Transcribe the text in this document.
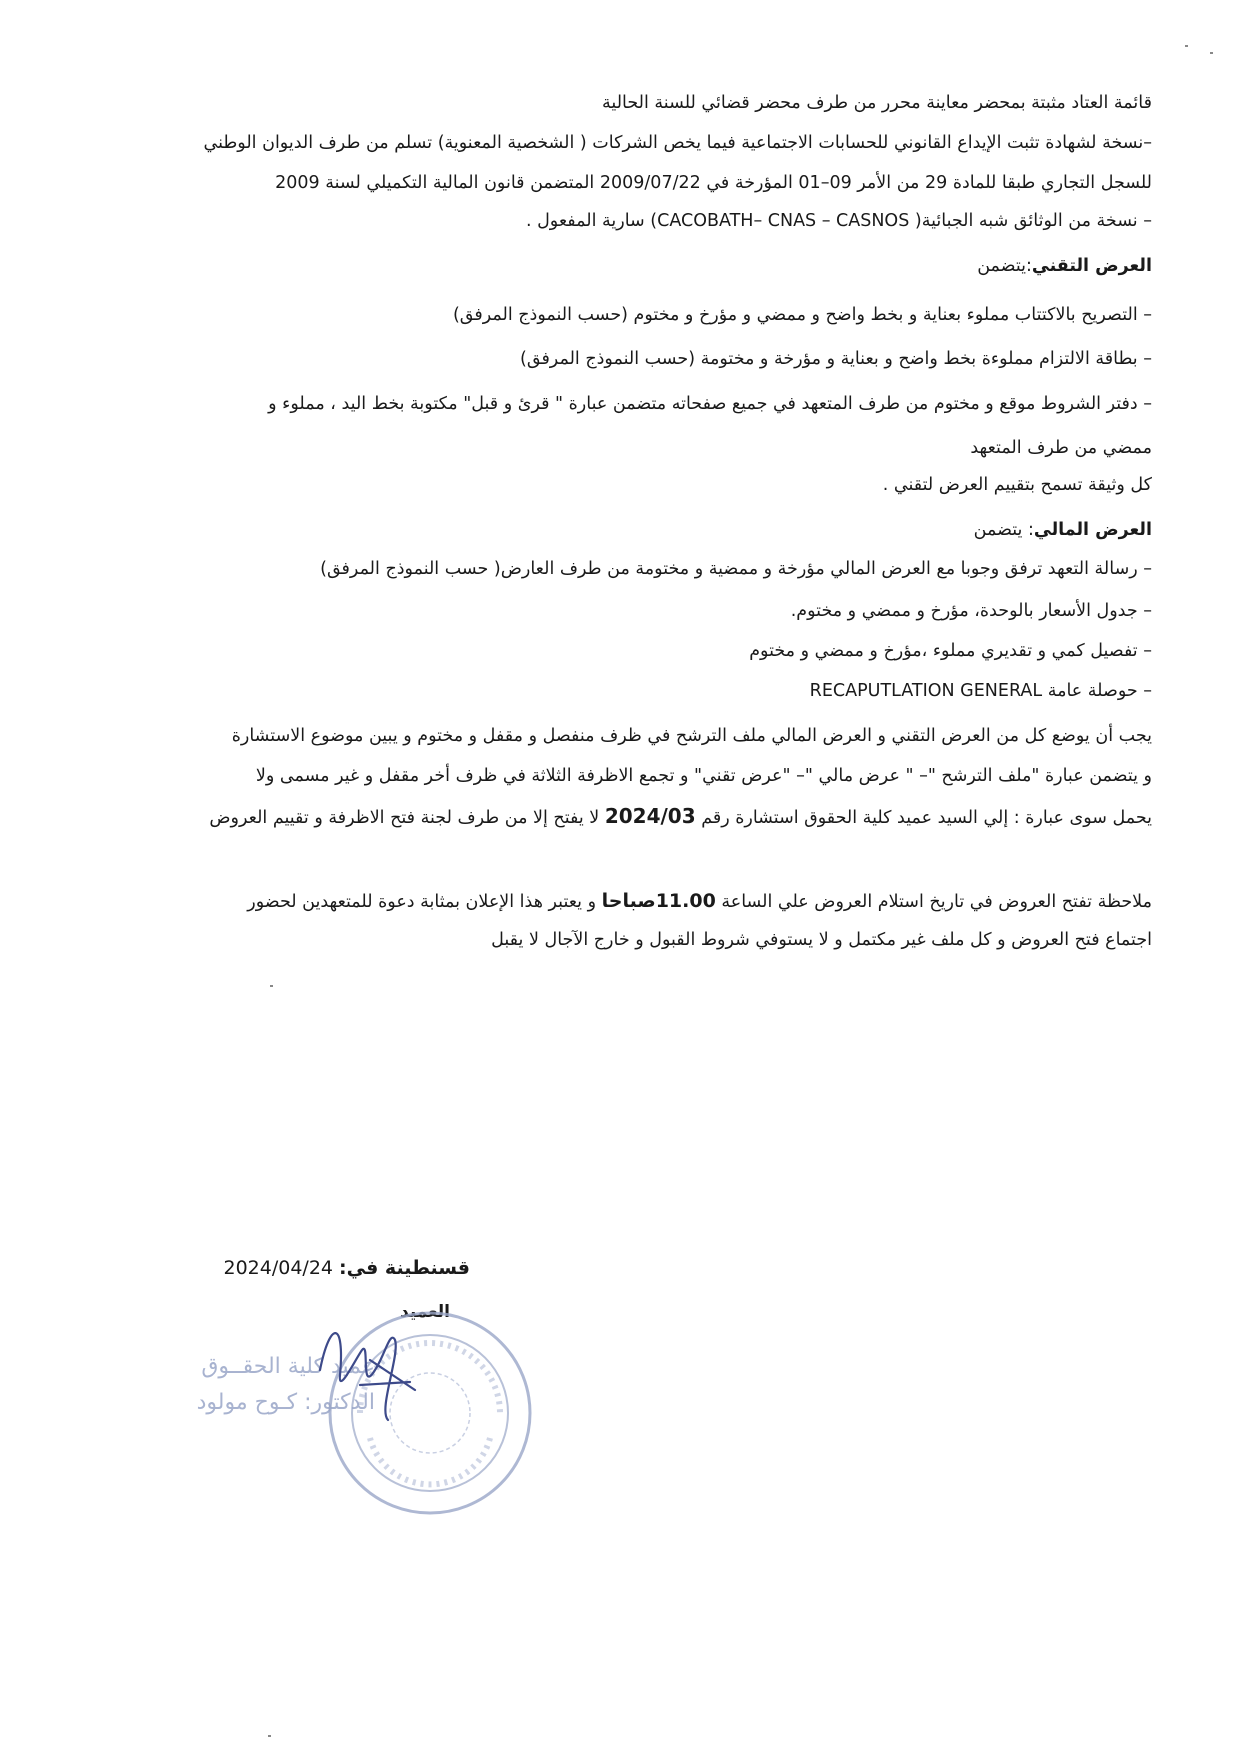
قائمة العتاد مثبتة بمحضر معاينة محرر من طرف محضر قضائي للسنة الحالية
–نسخة لشهادة تثبت الإيداع القانوني للحسابات الاجتماعية فيما يخص الشركات ( الشخصية المعنوية) تسلم من طرف الديوان الوطني
للسجل التجاري طبقا للمادة 29 من الأمر 09–01 المؤرخة في 2009/07/22 المتضمن قانون المالية التكميلي لسنة 2009
– نسخة من الوثائق شبه الجبائية( CACOBATH– CNAS – CASNOS) سارية المفعول .
العرض التقني:يتضمن
– التصريح بالاكتتاب مملوء بعناية و بخط واضح و ممضي و مؤرخ و مختوم (حسب النموذج المرفق)
– بطاقة الالتزام مملوءة بخط واضح و بعناية و مؤرخة و مختومة (حسب النموذج المرفق)
– دفتر الشروط موقع و مختوم من طرف المتعهد في جميع صفحاته متضمن عبارة " قرئ و قبل" مكتوبة بخط اليد ، مملوء و
ممضي من طرف المتعهد
كل وثيقة تسمح بتقييم العرض لتقني .
العرض المالي: يتضمن
– رسالة التعهد ترفق وجوبا مع العرض المالي مؤرخة و ممضية و مختومة من طرف العارض( حسب النموذج المرفق)
– جدول الأسعار بالوحدة، مؤرخ و ممضي و مختوم.
– تفصيل كمي و تقديري مملوء ،مؤرخ و ممضي و مختوم
– حوصلة عامة RECAPUTLATION GENERAL
يجب أن يوضع كل من العرض التقني و العرض المالي ملف الترشح في ظرف منفصل و مقفل و مختوم و يبين موضوع الاستشارة
و يتضمن عبارة "ملف الترشح "– " عرض مالي "– "عرض تقني" و تجمع الاظرفة الثلاثة في ظرف أخر مقفل و غير مسمى ولا
يحمل سوى عبارة : إلي السيد عميد كلية الحقوق استشارة رقم 2024/03 لا يفتح إلا من طرف لجنة فتح الاظرفة و تقييم العروض
ملاحظة تفتح العروض في تاريخ استلام العروض علي الساعة 11.00صباحا و يعتبر هذا الإعلان بمثابة دعوة للمتعهدين لحضور
اجتماع فتح العروض و كل ملف غير مكتمل و لا يستوفي شروط القبول و خارج الآجال لا يقبل
قسنطينة في: 2024/04/24
العميد
عميد كلية الحقــوق
الدكتور: كـوح مولود
